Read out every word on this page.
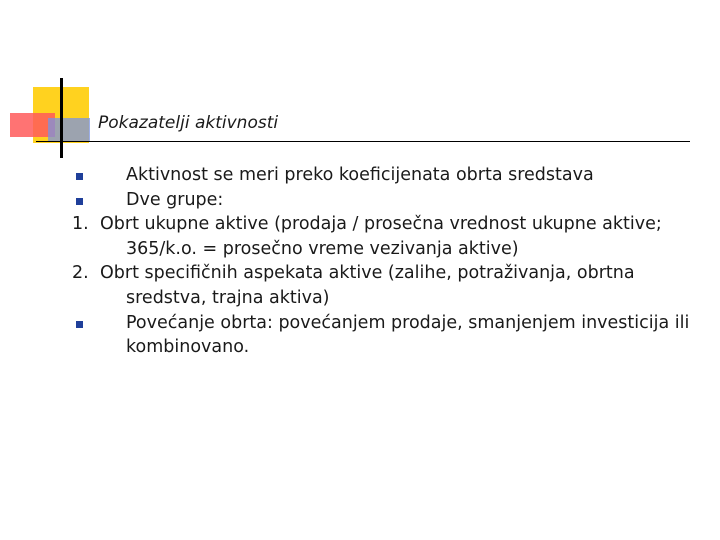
Pokazatelji aktivnosti
Aktivnost se meri preko koeficijenata obrta sredstava
Dve grupe:
1. Obrt ukupne aktive (prodaja / prosečna vrednost ukupne aktive;
365/k.o. = prosečno vreme vezivanja aktive)
2. Obrt specifičnih aspekata aktive (zalihe, potraživanja, obrtna
sredstva, trajna aktiva)
Povećanje obrta: povećanjem prodaje, smanjenjem investicija ili
kombinovano.
